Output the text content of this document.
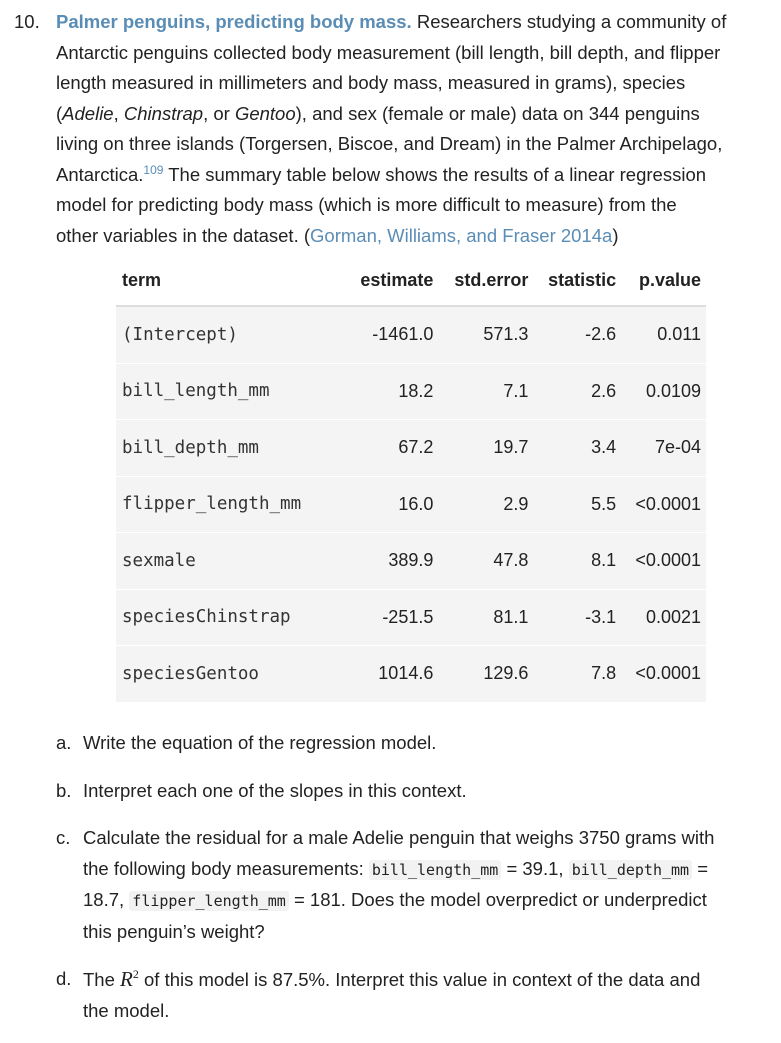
10. Palmer penguins, predicting body mass. Researchers studying a community of
Antarctic penguins collected body measurement (bill length, bill depth, and flipper
length measured in millimeters and body mass, measured in grams), species
(Adelie, Chinstrap, or Gentoo), and sex (female or male) data on 344 penguins
living on three islands (Torgersen, Biscoe, and Dream) in the Palmer Archipelago,
Antarctica.$^{109}$ The summary table below shows the results of a linear regression
model for predicting body mass (which is more difficult to measure) from the
other variables in the dataset. (Gorman, Williams, and Fraser 2014a)
term	estimate	std.error	statistic	p.value
(Intercept)	-1461.0	571.3	-2.6	0.011
bill_length_mm	18.2	7.1	2.6	0.0109
bill_depth_mm	67.2	19.7	3.4	7e-04
flipper_length_mm	16.0	2.9	5.5	<0.0001
sexmale	389.9	47.8	8.1	<0.0001
speciesChinstrap	-251.5	81.1	-3.1	0.0021
speciesGentoo	1014.6	129.6	7.8	<0.0001
a. Write the equation of the regression model.
b. Interpret each one of the slopes in this context.
c. Calculate the residual for a male Adelie penguin that weighs 3750 grams with
the following body measurements: bill_length_mm = 39.1, bill_depth_mm =
18.7, flipper_length_mm = 181. Does the model overpredict or underpredict
this penguin’s weight?
d. The $R^2$ of this model is 87.5%. Interpret this value in context of the data and
the model.
